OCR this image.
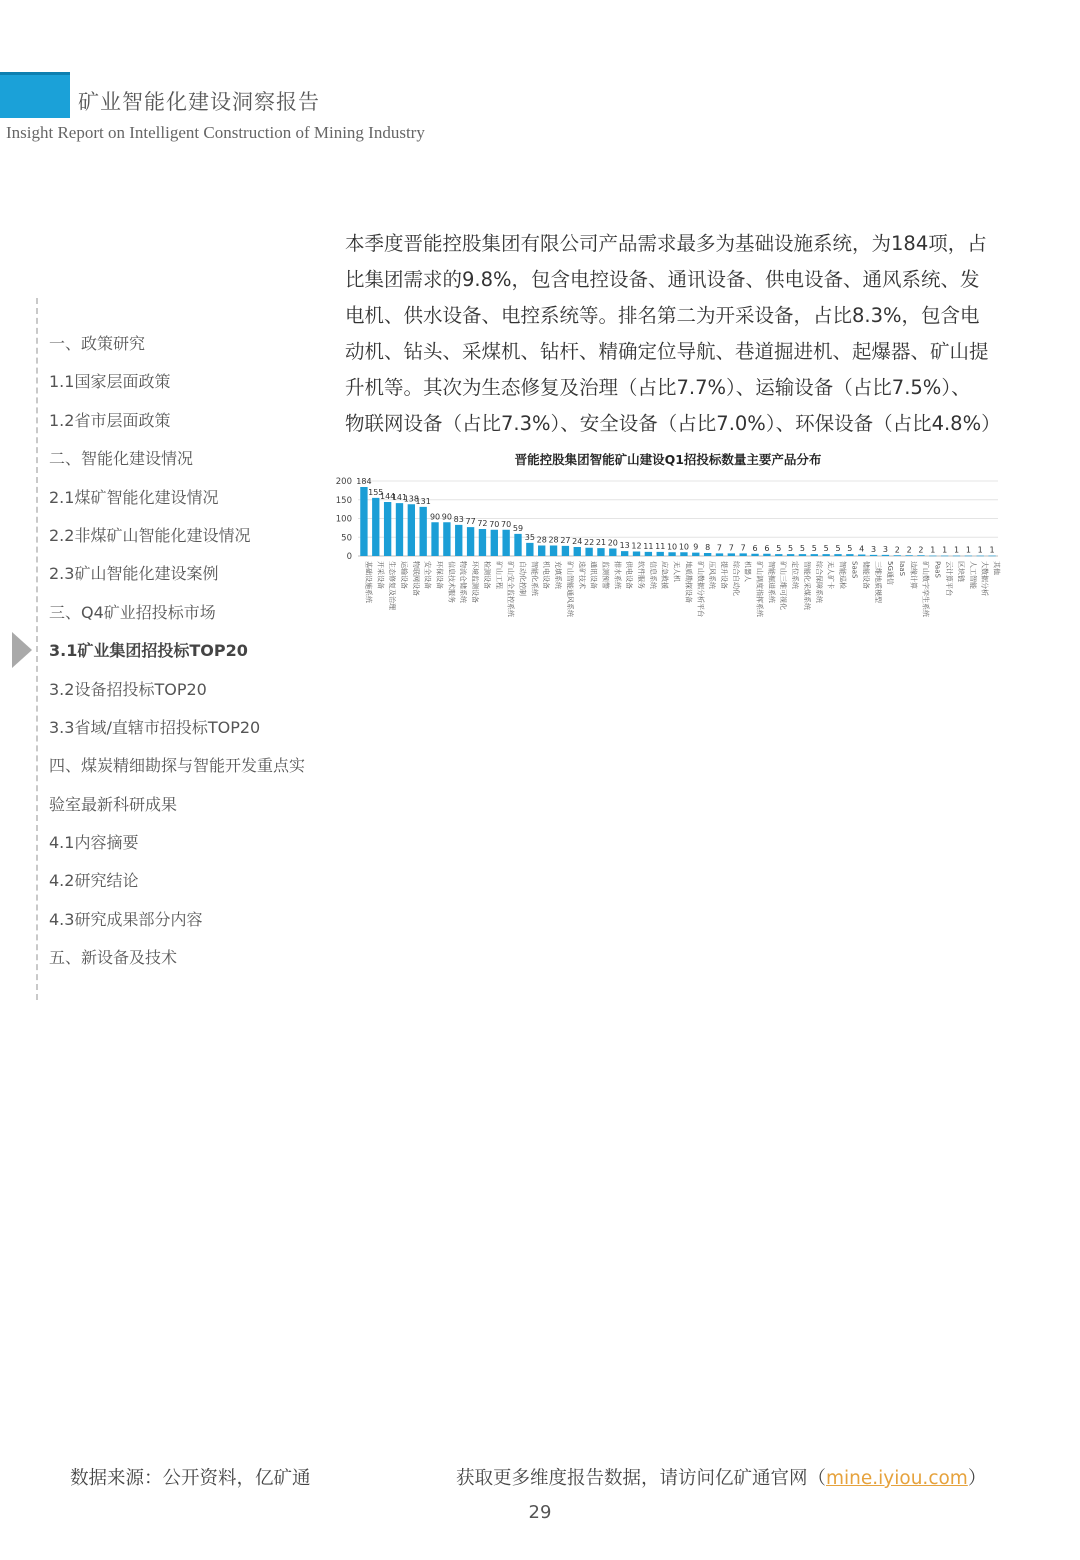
矿业智能化建设洞察报告
Insight Report on Intelligent Construction of Mining Industry

本季度晋能控股集团有限公司产品需求最多为基础设施系统，为184项，占

比集团需求的9.8%，包含电控设备、通讯设备、供电设备、通风系统、发

电机、供水设备、电控系统等。排名第二为开采设备，占比8.3%，包含电

动机、钻头、采煤机、钻杆、精确定位导航、巷道掘进机、起爆器、矿山提

升机等。其次为生态修复及治理（占比7.7%）、运输设备（占比7.5%）、

物联网设备（占比7.3%）、安全设备（占比7.0%）、环保设备（占比4.8%）

一、政策研究
1.1国家层面政策
1.2省市层面政策
二、智能化建设情况
2.1煤矿智能化建设情况
2.2非煤矿山智能化建设情况
2.3矿山智能化建设案例
三、Q4矿业招投标市场
3.1矿业集团招投标TOP20
3.2设备招投标TOP20
3.3省域/直辖市招投标TOP20
四、煤炭精细勘探与智能开发重点实
验室最新科研成果
4.1内容摘要
4.2研究结论
4.3研究成果部分内容
五、新设备及技术
晋能控股集团智能矿山建设Q1招投标数量主要产品分布
0
50
100
150
200 184
155
144
141
138
131
90 90 83 77 72 70 70 59
35 28 28 27 24 22 21 20 13 12 11 11 10 10 9 8 7 7 7 6 6 5 5 5 5 5 5 5 4 3 3 2 2 2 1 1 1 1 1 1
基础设施系统 开采设备 生态修复及治理 运输设备 物联网设备 安全设备 环保设备 信息技术服务 物流仓储系统 环境监测设备 检测设备 矿山工程 矿山安全监控系统 自动化控制 智能化系统 机电设备 充填系统 矿山智能通风系统 选矿技术 通讯设备 监测预警 排水系统 供电设备 软件服务 信息系统 应急救援 无人机 地质勘探设备 矿山数据分析平台 压风系统 提升设备 综合自动化 机器人 矿山调度指挥系统 智能掘进系统 矿山三维可视化 定位系统 智能化采煤系统 综合保障系统 无人矿卡 智能巡检 SaaS 储能设备 三维地质模型 5G通信 IaaS 边缘计算 矿山数字孪生系统 PaaS 云计算平台 区块链 人工智能 大数据分析 其他
数据来源：公开资料，亿矿通	获取更多维度报告数据，请访问亿矿通官网（mine.iyiou.com）
29
